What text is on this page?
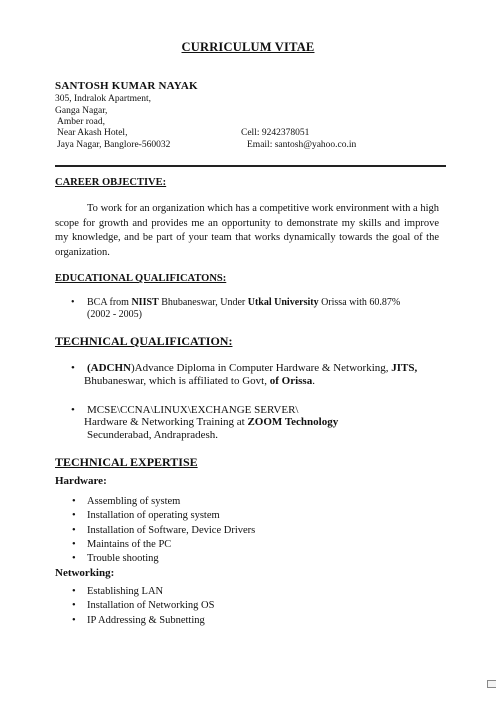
CURRICULUM VITAE
SANTOSH KUMAR NAYAK
305, Indralok Apartment,
Ganga Nagar,
Amber road,
Near Akash Hotel,
Jaya Nagar, Banglore-560032
Cell: 9242378051
Email: santosh@yahoo.co.in
CAREER OBJECTIVE:
To work for an organization which has a competitive work environment with a high scope for growth and provides me an opportunity to demonstrate my skills and improve my knowledge, and be part of your team that works dynamically towards the goal of the organization.
EDUCATIONAL QUALIFICATONS:
• BCA from NIIST Bhubaneswar, Under Utkal University Orissa with 60.87%
(2002 - 2005)
TECHNICAL QUALIFICATION:
• (ADCHN)Advance Diploma in Computer Hardware & Networking, JITS,
Bhubaneswar, which is affiliated to Govt, of Orissa.
• MCSE\CCNA\LINUX\EXCHANGE SERVER\
Hardware & Networking Training at ZOOM Technology
Secunderabad, Andrapradesh.
TECHNICAL EXPERTISE
Hardware:
• Assembling of system
• Installation of operating system
• Installation of Software, Device Drivers
• Maintains of the PC
• Trouble shooting
Networking:
• Establishing LAN
• Installation of Networking OS
• IP Addressing & Subnetting
